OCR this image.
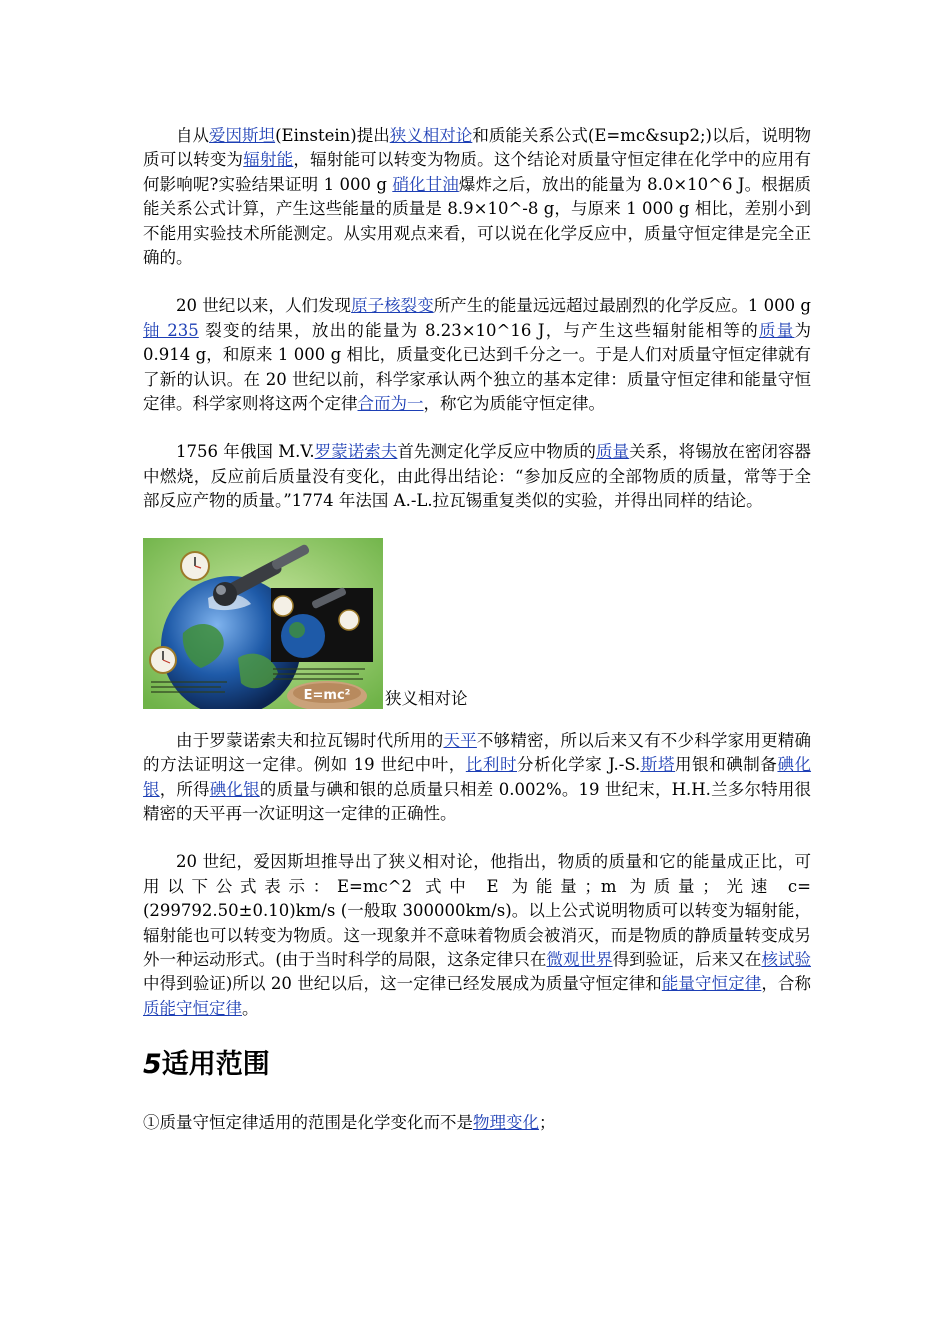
自从爱因斯坦(Einstein)提出狭义相对论和质能关系公式(E=mc&sup2;)以后，说明物质可以转变为辐射能，辐射能可以转变为物质。这个结论对质量守恒定律在化学中的应用有何影响呢?实验结果证明 1 000 g 硝化甘油爆炸之后，放出的能量为 8.0×10^6 J。根据质能关系公式计算，产生这些能量的质量是 8.9×10^-8 g，与原来 1 000 g 相比，差别小到不能用实验技术所能测定。从实用观点来看，可以说在化学反应中，质量守恒定律是完全正确的。

20 世纪以来，人们发现原子核裂变所产生的能量远远超过最剧烈的化学反应。1 000 g 铀 235 裂变的结果，放出的能量为 8.23×10^16 J，与产生这些辐射能相等的质量为 0.914 g，和原来 1 000 g 相比，质量变化已达到千分之一。于是人们对质量守恒定律就有了新的认识。在 20 世纪以前，科学家承认两个独立的基本定律：质量守恒定律和能量守恒定律。科学家则将这两个定律合而为一，称它为质能守恒定律。

1756 年俄国 M.V.罗蒙诺索夫首先测定化学反应中物质的质量关系，将锡放在密闭容器中燃烧，反应前后质量没有变化，由此得出结论：“参加反应的全部物质的质量，常等于全部反应产物的质量。”1774 年法国 A.-L.拉瓦锡重复类似的实验，并得出同样的结论。

E=mc² 狭义相对论

由于罗蒙诺索夫和拉瓦锡时代所用的天平不够精密，所以后来又有不少科学家用更精确的方法证明这一定律。例如 19 世纪中叶，比利时分析化学家 J.-S.斯塔用银和碘制备碘化银，所得碘化银的质量与碘和银的总质量只相差 0.002%。19 世纪末，H.H.兰多尔特用很精密的天平再一次证明这一定律的正确性。

20 世纪，爱因斯坦推导出了狭义相对论，他指出，物质的质量和它的能量成正比，可用以下公式表示：E=mc^2 式中 E 为能量；m 为质量；光速 c=(299792.50±0.10)km/s (一般取 300000km/s)。以上公式说明物质可以转变为辐射能，辐射能也可以转变为物质。这一现象并不意味着物质会被消灭，而是物质的静质量转变成另外一种运动形式。(由于当时科学的局限，这条定律只在微观世界得到验证，后来又在核试验中得到验证)所以 20 世纪以后，这一定律已经发展成为质量守恒定律和能量守恒定律，合称质能守恒定律。

5适用范围
①质量守恒定律适用的范围是化学变化而不是物理变化；
